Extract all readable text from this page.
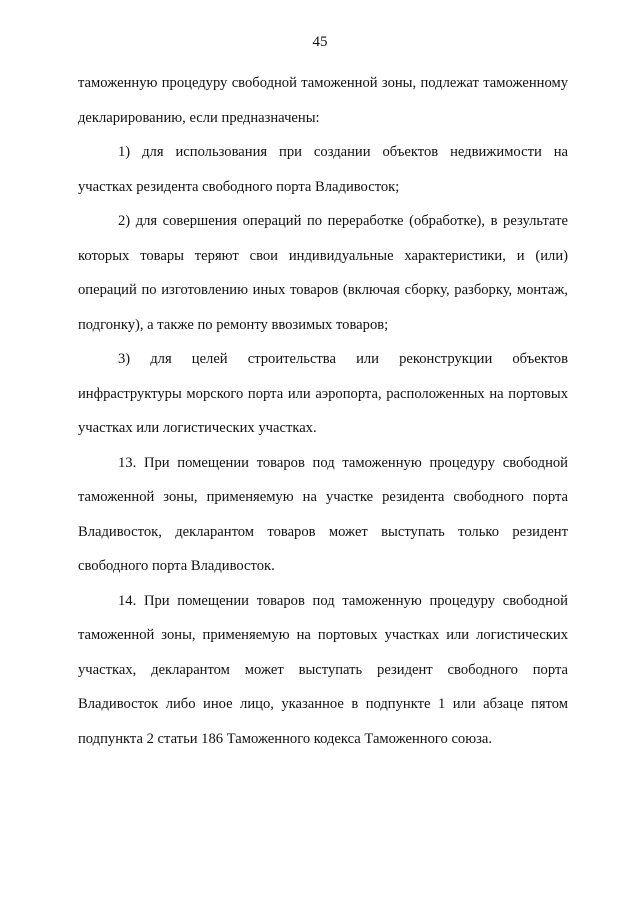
45

таможенную процедуру свободной таможенной зоны, подлежат таможенному декларированию, если предназначены:

1) для использования при создании объектов недвижимости на участках резидента свободного порта Владивосток;

2) для совершения операций по переработке (обработке), в результате которых товары теряют свои индивидуальные характеристики, и (или) операций по изготовлению иных товаров (включая сборку, разборку, монтаж, подгонку), а также по ремонту ввозимых товаров;

3) для целей строительства или реконструкции объектов инфраструктуры морского порта или аэропорта, расположенных на портовых участках или логистических участках.

13. При помещении товаров под таможенную процедуру свободной таможенной зоны, применяемую на участке резидента свободного порта Владивосток, декларантом товаров может выступать только резидент свободного порта Владивосток.

14. При помещении товаров под таможенную процедуру свободной таможенной зоны, применяемую на портовых участках или логистических участках, декларантом может выступать резидент свободного порта Владивосток либо иное лицо, указанное в подпункте 1 или абзаце пятом подпункта 2 статьи 186 Таможенного кодекса Таможенного союза.
